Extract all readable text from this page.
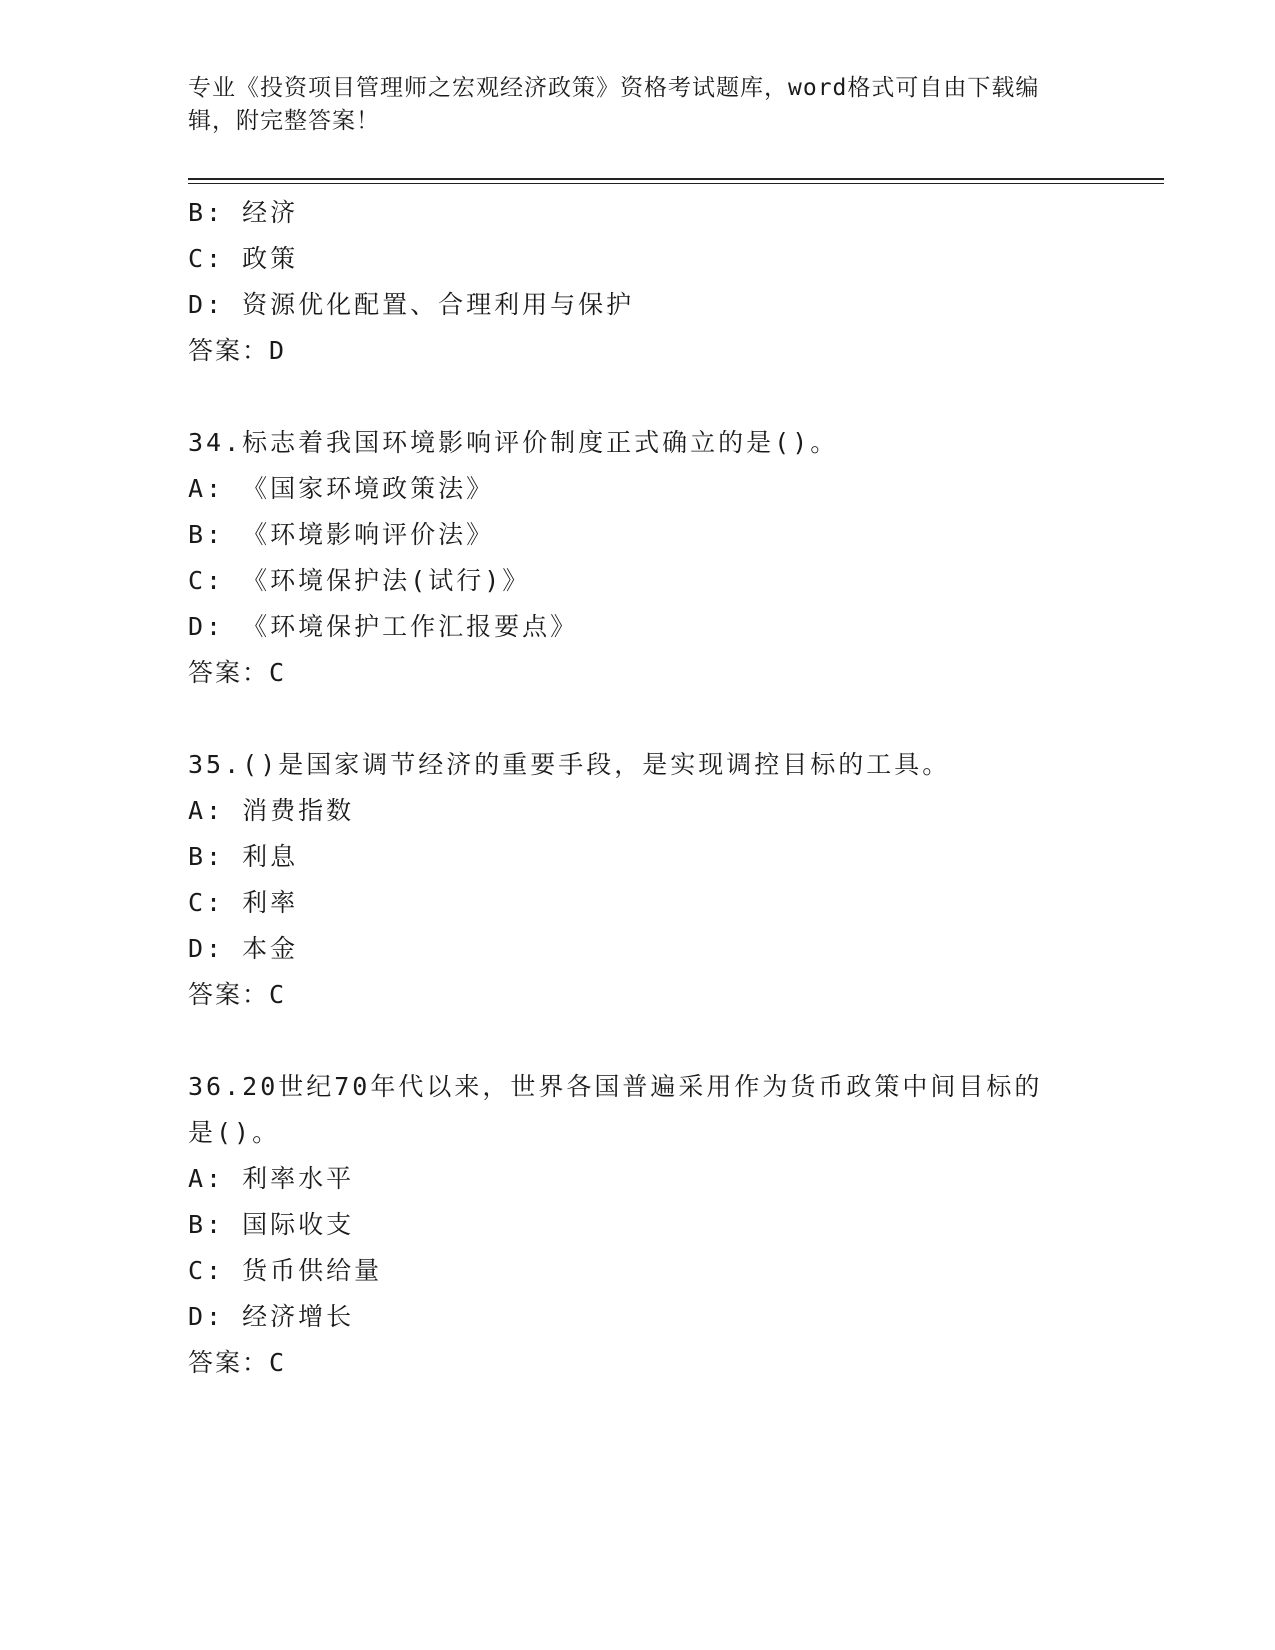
专业《投资项目管理师之宏观经济政策》资格考试题库，word格式可自由下载编辑，附完整答案！
B: 经济
C: 政策
D: 资源优化配置、合理利用与保护
答案：D
34.标志着我国环境影响评价制度正式确立的是()。
A: 《国家环境政策法》
B: 《环境影响评价法》
C: 《环境保护法(试行)》
D: 《环境保护工作汇报要点》
答案：C
35.()是国家调节经济的重要手段，是实现调控目标的工具。
A: 消费指数
B: 利息
C: 利率
D: 本金
答案：C
36.20世纪70年代以来，世界各国普遍采用作为货币政策中间目标的是()。
A: 利率水平
B: 国际收支
C: 货币供给量
D: 经济增长
答案：C
